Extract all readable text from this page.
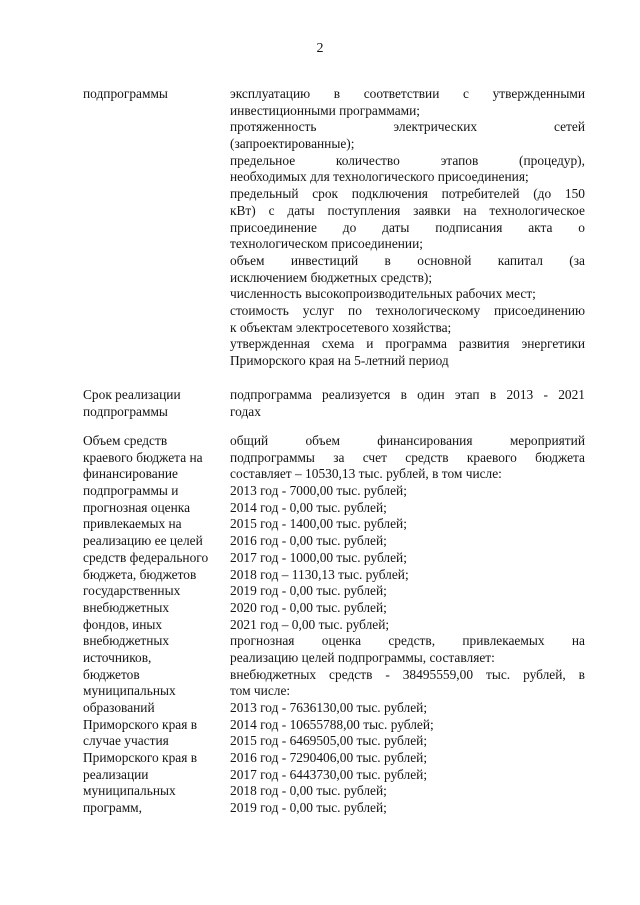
2
подпрограммы	эксплуатацию в соответствии с утвержденными
инвестиционными программами;
протяженность электрических сетей
(запроектированные);
предельное количество этапов (процедур),
необходимых для технологического присоединения;
предельный срок подключения потребителей (до 150
кВт) с даты поступления заявки на технологическое
присоединение до даты подписания акта о
технологическом присоединении;
объем инвестиций в основной капитал (за
исключением бюджетных средств);
численность высокопроизводительных рабочих мест;
стоимость услуг по технологическому присоединению
к объектам электросетевого хозяйства;
утвержденная схема и программа развития энергетики
Приморского края на 5-летний период
Срок реализации
подпрограммы
подпрограмма реализуется в один этап в 2013 - 2021
годах
Объем средств
краевого бюджета на
финансирование
подпрограммы и
прогнозная оценка
привлекаемых на
реализацию ее целей
средств федерального
бюджета, бюджетов
государственных
внебюджетных
фондов, иных
внебюджетных
источников,
бюджетов
муниципальных
образований
Приморского края в
случае участия
Приморского края в
реализации
муниципальных
программ,
общий объем финансирования мероприятий
подпрограммы за счет средств краевого бюджета
составляет – 10530,13 тыс. рублей, в том числе:
2013 год - 7000,00 тыс. рублей;
2014 год - 0,00 тыс. рублей;
2015 год - 1400,00 тыс. рублей;
2016 год - 0,00 тыс. рублей;
2017 год - 1000,00 тыс. рублей;
2018 год – 1130,13 тыс. рублей;
2019 год - 0,00 тыс. рублей;
2020 год - 0,00 тыс. рублей;
2021 год – 0,00 тыс. рублей;
прогнозная оценка средств, привлекаемых на
реализацию целей подпрограммы, составляет:
внебюджетных средств - 38495559,00 тыс. рублей, в
том числе:
2013 год - 7636130,00 тыс. рублей;
2014 год - 10655788,00 тыс. рублей;
2015 год - 6469505,00 тыс. рублей;
2016 год - 7290406,00 тыс. рублей;
2017 год - 6443730,00 тыс. рублей;
2018 год - 0,00 тыс. рублей;
2019 год - 0,00 тыс. рублей;
